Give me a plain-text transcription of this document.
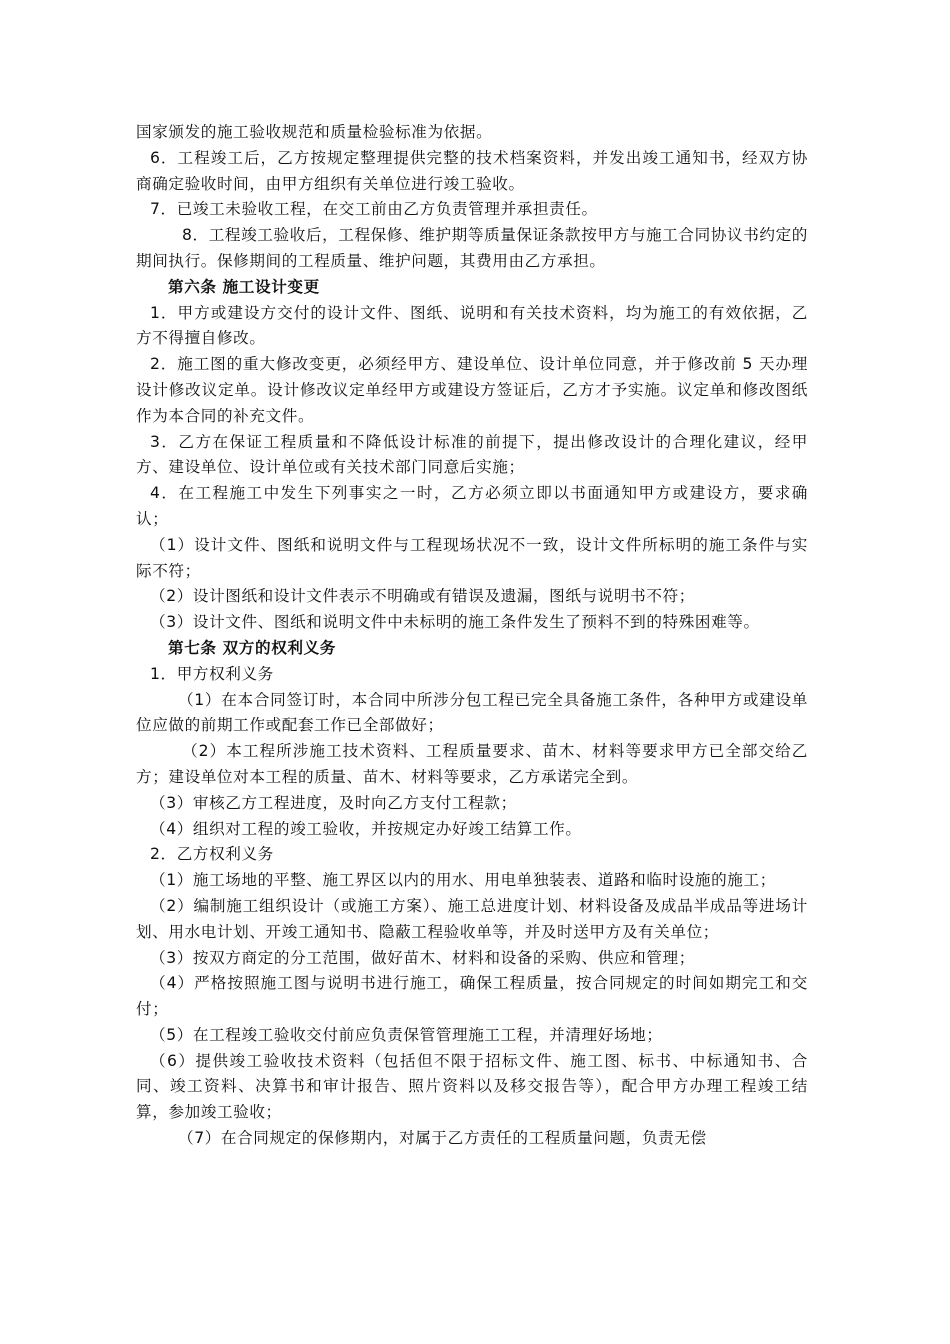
国家颁发的施工验收规范和质量检验标准为依据。

6．工程竣工后，乙方按规定整理提供完整的技术档案资料，并发出竣工通知书，经双方协商确定验收时间，由甲方组织有关单位进行竣工验收。

7．已竣工未验收工程，在交工前由乙方负责管理并承担责任。

8．工程竣工验收后，工程保修、维护期等质量保证条款按甲方与施工合同协议书约定的期间执行。保修期间的工程质量、维护问题，其费用由乙方承担。

第六条 施工设计变更

1．甲方或建设方交付的设计文件、图纸、说明和有关技术资料，均为施工的有效依据，乙方不得擅自修改。

2．施工图的重大修改变更，必须经甲方、建设单位、设计单位同意，并于修改前 5 天办理设计修改议定单。设计修改议定单经甲方或建设方签证后，乙方才予实施。议定单和修改图纸作为本合同的补充文件。

3．乙方在保证工程质量和不降低设计标准的前提下，提出修改设计的合理化建议，经甲方、建设单位、设计单位或有关技术部门同意后实施；

4．在工程施工中发生下列事实之一时，乙方必须立即以书面通知甲方或建设方，要求确认；

（1）设计文件、图纸和说明文件与工程现场状况不一致，设计文件所标明的施工条件与实际不符；

（2）设计图纸和设计文件表示不明确或有错误及遗漏，图纸与说明书不符；

（3）设计文件、图纸和说明文件中未标明的施工条件发生了预料不到的特殊困难等。

第七条 双方的权利义务

1．甲方权利义务

（1）在本合同签订时，本合同中所涉分包工程已完全具备施工条件，各种甲方或建设单位应做的前期工作或配套工作已全部做好；

（2）本工程所涉施工技术资料、工程质量要求、苗木、材料等要求甲方已全部交给乙方；建设单位对本工程的质量、苗木、材料等要求，乙方承诺完全到。

（3）审核乙方工程进度，及时向乙方支付工程款；

（4）组织对工程的竣工验收，并按规定办好竣工结算工作。

2．乙方权利义务

（1）施工场地的平整、施工界区以内的用水、用电单独装表、道路和临时设施的施工；

（2）编制施工组织设计（或施工方案）、施工总进度计划、材料设备及成品半成品等进场计划、用水电计划、开竣工通知书、隐蔽工程验收单等，并及时送甲方及有关单位；

（3）按双方商定的分工范围，做好苗木、材料和设备的采购、供应和管理；

（4）严格按照施工图与说明书进行施工，确保工程质量，按合同规定的时间如期完工和交付；

（5）在工程竣工验收交付前应负责保管管理施工工程，并清理好场地；

（6）提供竣工验收技术资料（包括但不限于招标文件、施工图、标书、中标通知书、合同、竣工资料、决算书和审计报告、照片资料以及移交报告等），配合甲方办理工程竣工结算，参加竣工验收；

（7）在合同规定的保修期内，对属于乙方责任的工程质量问题，负责无偿
